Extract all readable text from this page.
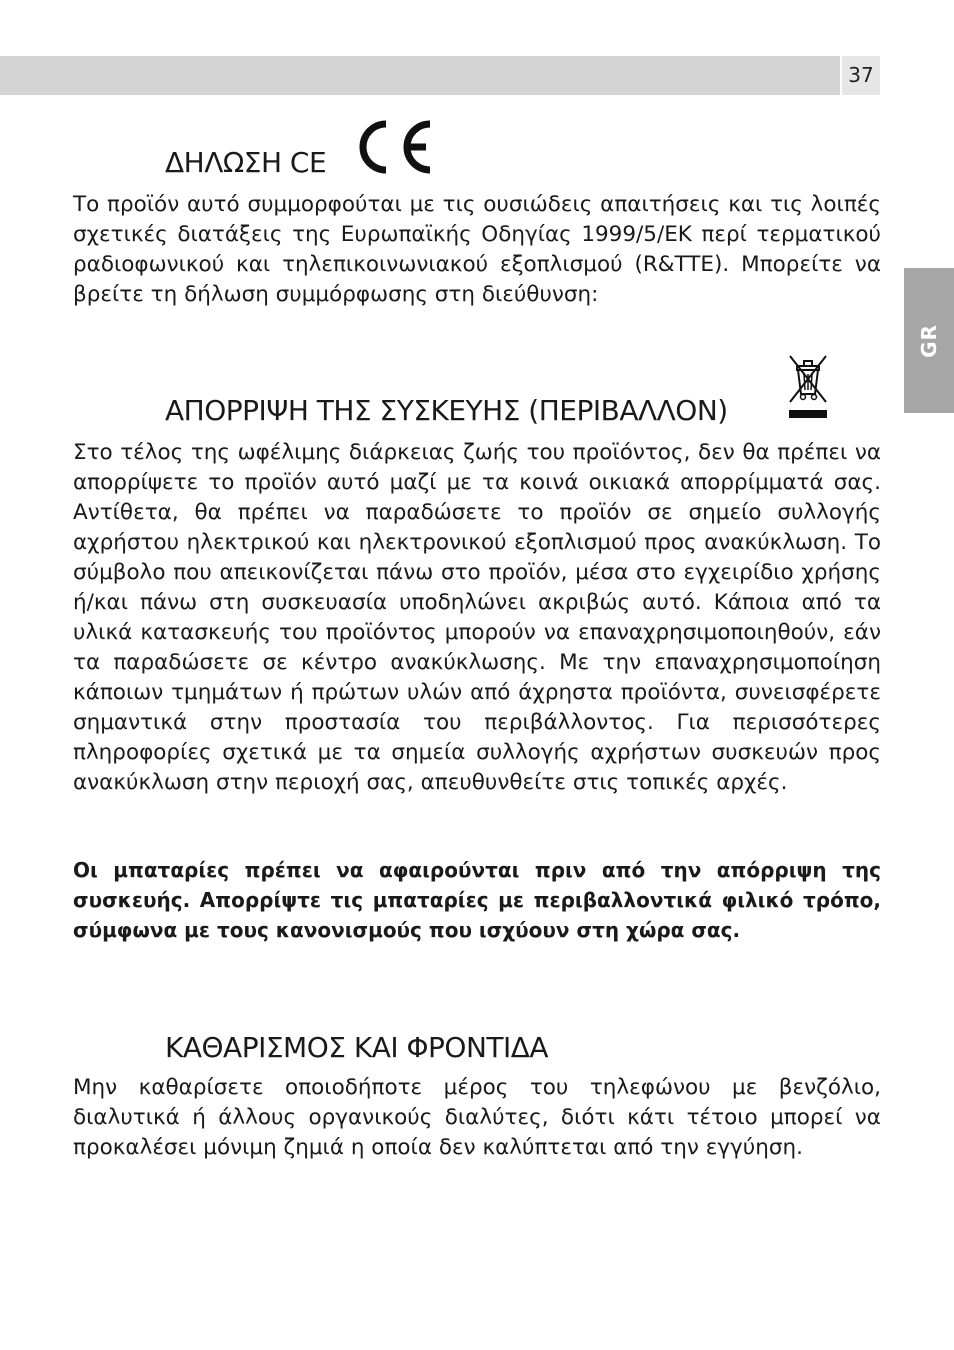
37
GR
ΔΗΛΩΣΗ CE

Το προϊόν αυτό συμμορφούται με τις ουσιώδεις απαιτήσεις και τις λοιπές σχετικές διατάξεις της Ευρωπαϊκής Οδηγίας 1999/5/ΕΚ περί τερματικού ραδιοφωνικού και τηλεπικοινωνιακού εξοπλισμού (R&TTE). Μπορείτε να βρείτε τη δήλωση συμμόρφωσης στη διεύθυνση:

ΑΠΟΡΡΙΨΗ ΤΗΣ ΣΥΣΚΕΥΗΣ (ΠΕΡΙΒΑΛΛΟΝ)

Στο τέλος της ωφέλιμης διάρκειας ζωής του προϊόντος, δεν θα πρέπει να απορρίψετε το προϊόν αυτό μαζί με τα κοινά οικιακά απορρίμματά σας. Αντίθετα, θα πρέπει να παραδώσετε το προϊόν σε σημείο συλλογής αχρήστου ηλεκτρικού και ηλεκτρονικού εξοπλισμού προς ανακύκλωση. Το σύμβολο που απεικονίζεται πάνω στο προϊόν, μέσα στο εγχειρίδιο χρήσης ή/και πάνω στη συσκευασία υποδηλώνει ακριβώς αυτό. Κάποια από τα υλικά κατασκευής του προϊόντος μπορούν να επαναχρησιμοποιηθούν, εάν τα παραδώσετε σε κέντρο ανακύκλωσης. Με την επαναχρησιμοποίηση κάποιων τμημάτων ή πρώτων υλών από άχρηστα προϊόντα, συνεισφέρετε σημαντικά στην προστασία του περιβάλλοντος. Για περισσότερες πληροφορίες σχετικά με τα σημεία συλλογής αχρήστων συσκευών προς ανακύκλωση στην περιοχή σας, απευθυνθείτε στις τοπικές αρχές.

Οι μπαταρίες πρέπει να αφαιρούνται πριν από την απόρριψη της συσκευής. Απορρίψτε τις μπαταρίες με περιβαλλοντικά φιλικό τρόπο, σύμφωνα με τους κανονισμούς που ισχύουν στη χώρα σας.

ΚΑΘΑΡΙΣΜΟΣ ΚΑΙ ΦΡΟΝΤΙΔΑ

Μην καθαρίσετε οποιοδήποτε μέρος του τηλεφώνου με βενζόλιο, διαλυτικά ή άλλους οργανικούς διαλύτες, διότι κάτι τέτοιο μπορεί να προκαλέσει μόνιμη ζημιά η οποία δεν καλύπτεται από την εγγύηση.
